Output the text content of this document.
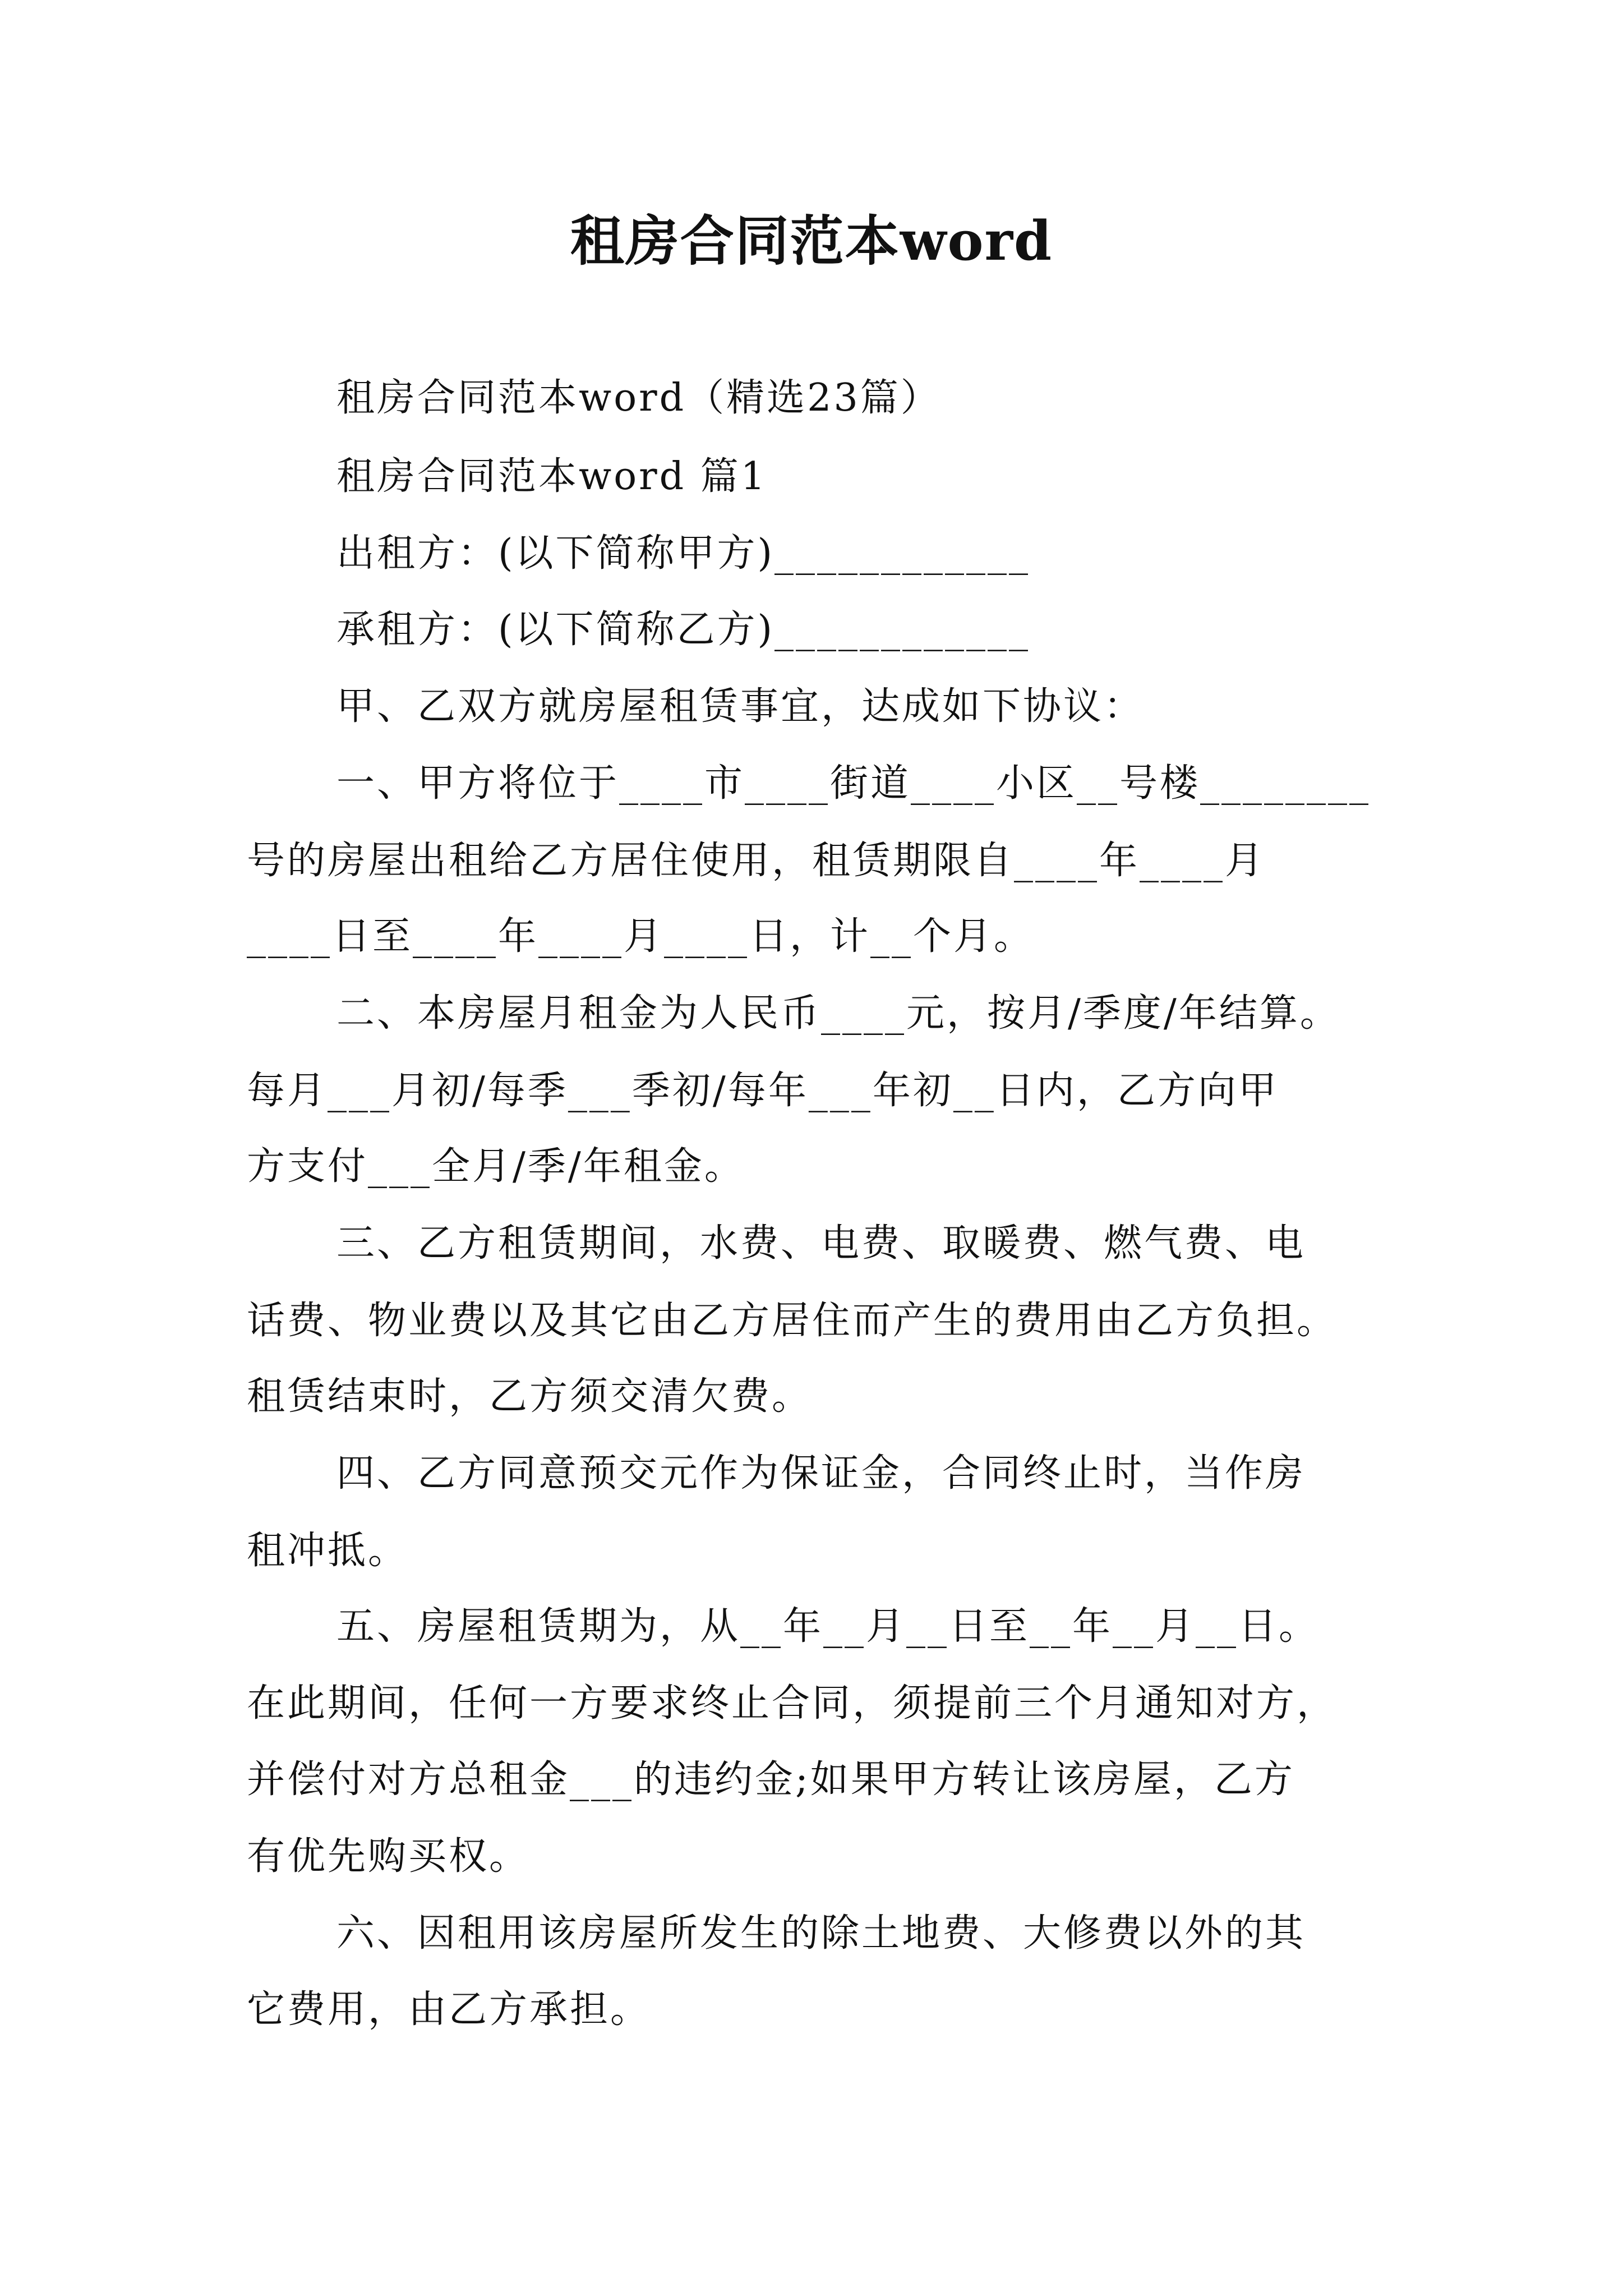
租房合同范本word
租房合同范本word（精选23篇）
租房合同范本word 篇1
出租方：(以下简称甲方)____________
承租方：(以下简称乙方)____________
甲、乙双方就房屋租赁事宜，达成如下协议：
一、甲方将位于____市____街道____小区__号楼________
号的房屋出租给乙方居住使用，租赁期限自____年____月
____日至____年____月____日，计__个月。
二、本房屋月租金为人民币____元，按月/季度/年结算。
每月___月初/每季___季初/每年___年初__日内，乙方向甲
方支付___全月/季/年租金。
三、乙方租赁期间，水费、电费、取暖费、燃气费、电
话费、物业费以及其它由乙方居住而产生的费用由乙方负担。
租赁结束时，乙方须交清欠费。
四、乙方同意预交元作为保证金，合同终止时，当作房
租冲抵。
五、房屋租赁期为，从__年__月__日至__年__月__日。
在此期间，任何一方要求终止合同，须提前三个月通知对方，
并偿付对方总租金___的违约金;如果甲方转让该房屋，乙方
有优先购买权。
六、因租用该房屋所发生的除土地费、大修费以外的其
它费用，由乙方承担。
